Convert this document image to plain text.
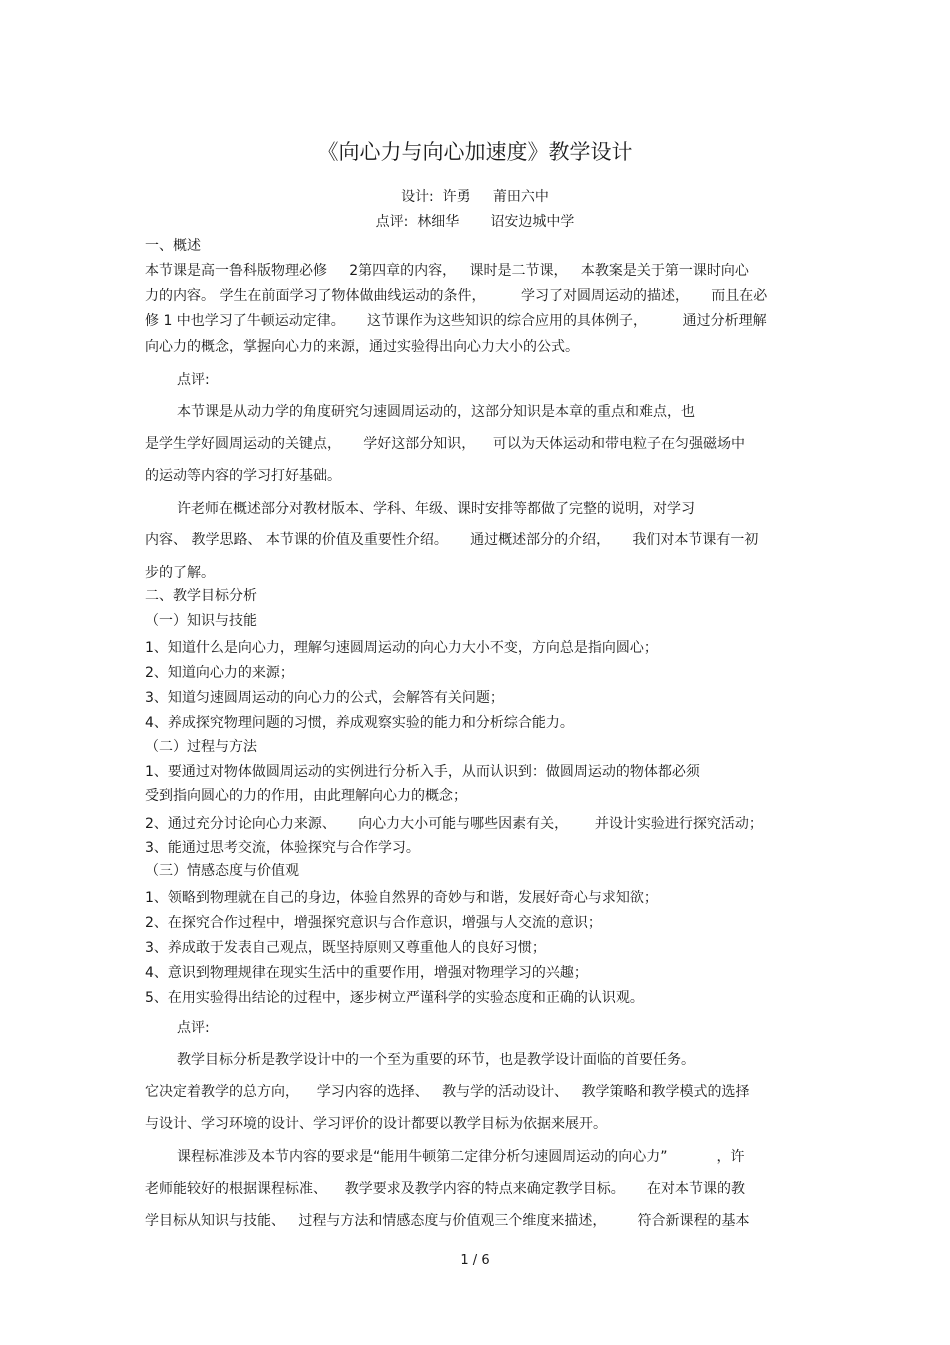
《向心力与向心加速度》教学设计
设计:  许勇     莆田六中
点评:  林细华       诏安边城中学
一、概述
本节课是高一鲁科版物理必修     2第四章的内容，   课时是二节课，   本教案是关于第一课时向心
力的内容。 学生在前面学习了物体做曲线运动的条件，        学习了对圆周运动的描述，     而且在必
修 1 中也学习了牛顿运动定律。     这节课作为这些知识的综合应用的具体例子，        通过分析理解
向心力的概念，掌握向心力的来源，通过实验得出向心力大小的公式。
点评:
本节课是从动力学的角度研究匀速圆周运动的，这部分知识是本章的重点和难点，也
是学生学好圆周运动的关键点，     学好这部分知识，    可以为天体运动和带电粒子在匀强磁场中
的运动等内容的学习打好基础。
许老师在概述部分对教材版本、学科、年级、课时安排等都做了完整的说明，对学习
内容、 教学思路、 本节课的价值及重要性介绍。     通过概述部分的介绍，     我们对本节课有一初
步的了解。
二、教学目标分析
（一）知识与技能
1、知道什么是向心力，理解匀速圆周运动的向心力大小不变，方向总是指向圆心；
2、知道向心力的来源；
3、知道匀速圆周运动的向心力的公式，会解答有关问题；
4、养成探究物理问题的习惯，养成观察实验的能力和分析综合能力。
（二）过程与方法
1、要通过对物体做圆周运动的实例进行分析入手，从而认识到：做圆周运动的物体都必须
受到指向圆心的力的作用，由此理解向心力的概念；
2、通过充分讨论向心力来源、     向心力大小可能与哪些因素有关，      并设计实验进行探究活动；
3、能通过思考交流，体验探究与合作学习。
（三）情感态度与价值观
1、领略到物理就在自己的身边，体验自然界的奇妙与和谐，发展好奇心与求知欲；
2、在探究合作过程中，增强探究意识与合作意识，增强与人交流的意识；
3、养成敢于发表自己观点，既坚持原则又尊重他人的良好习惯；
4、意识到物理规律在现实生活中的重要作用，增强对物理学习的兴趣；
5、在用实验得出结论的过程中，逐步树立严谨科学的实验态度和正确的认识观。
点评:
教学目标分析是教学设计中的一个至为重要的环节，也是教学设计面临的首要任务。
它决定着教学的总方向，    学习内容的选择、   教与学的活动设计、   教学策略和教学模式的选择
与设计、学习环境的设计、学习评价的设计都要以教学目标为依据来展开。
课程标准涉及本节内容的要求是“能用牛顿第二定律分析匀速圆周运动的向心力”           ，许
老师能较好的根据课程标准、    教学要求及教学内容的特点来确定教学目标。     在对本节课的教
学目标从知识与技能、   过程与方法和情感态度与价值观三个维度来描述，       符合新课程的基本
1 / 6
